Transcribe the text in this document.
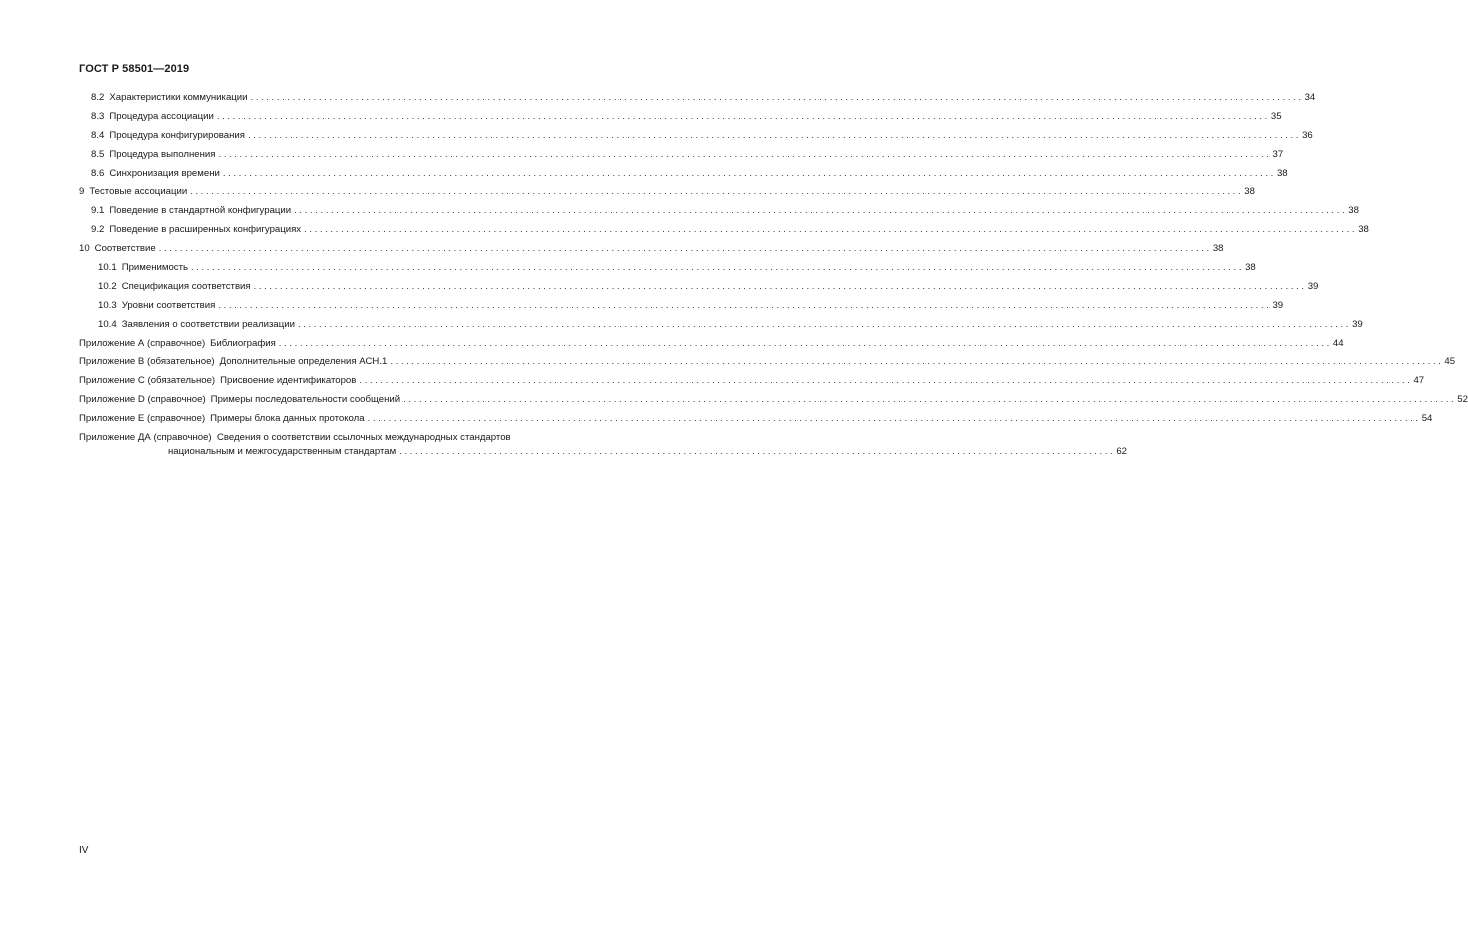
ГОСТ Р 58501—2019
8.2 Характеристики коммуникации ........................................................................................................................................................................................................ 34
8.3 Процедура ассоциации ........................................................................................................................................................................................................ 35
8.4 Процедура конфигурирования ........................................................................................................................................................................................................ 36
8.5 Процедура выполнения ........................................................................................................................................................................................................ 37
8.6 Синхронизация времени ........................................................................................................................................................................................................ 38
9 Тестовые ассоциации ........................................................................................................................................................................................................ 38
9.1 Поведение в стандартной конфигурации ........................................................................................................................................................................................................ 38
9.2 Поведение в расширенных конфигурациях ........................................................................................................................................................................................................ 38
10 Соответствие ........................................................................................................................................................................................................ 38
10.1 Применимость ........................................................................................................................................................................................................ 38
10.2 Спецификация соответствия ........................................................................................................................................................................................................ 39
10.3 Уровни соответствия ........................................................................................................................................................................................................ 39
10.4 Заявления о соответствии реализации ........................................................................................................................................................................................................ 39
Приложение А (справочное) Библиография ........................................................................................................................................................................................................ 44
Приложение B (обязательное) Дополнительные определения АСН.1 ........................................................................................................................................................................................................ 45
Приложение C (обязательное) Присвоение идентификаторов ........................................................................................................................................................................................................ 47
Приложение D (справочное) Примеры последовательности сообщений ........................................................................................................................................................................................................ 52
Приложение E (справочное) Примеры блока данных протокола ........................................................................................................................................................................................................ 54
Приложение ДА (справочное) Сведения о соответствии ссылочных международных стандартов
национальным и межгосударственным стандартам ........................................................................................................................................ 62
IV
